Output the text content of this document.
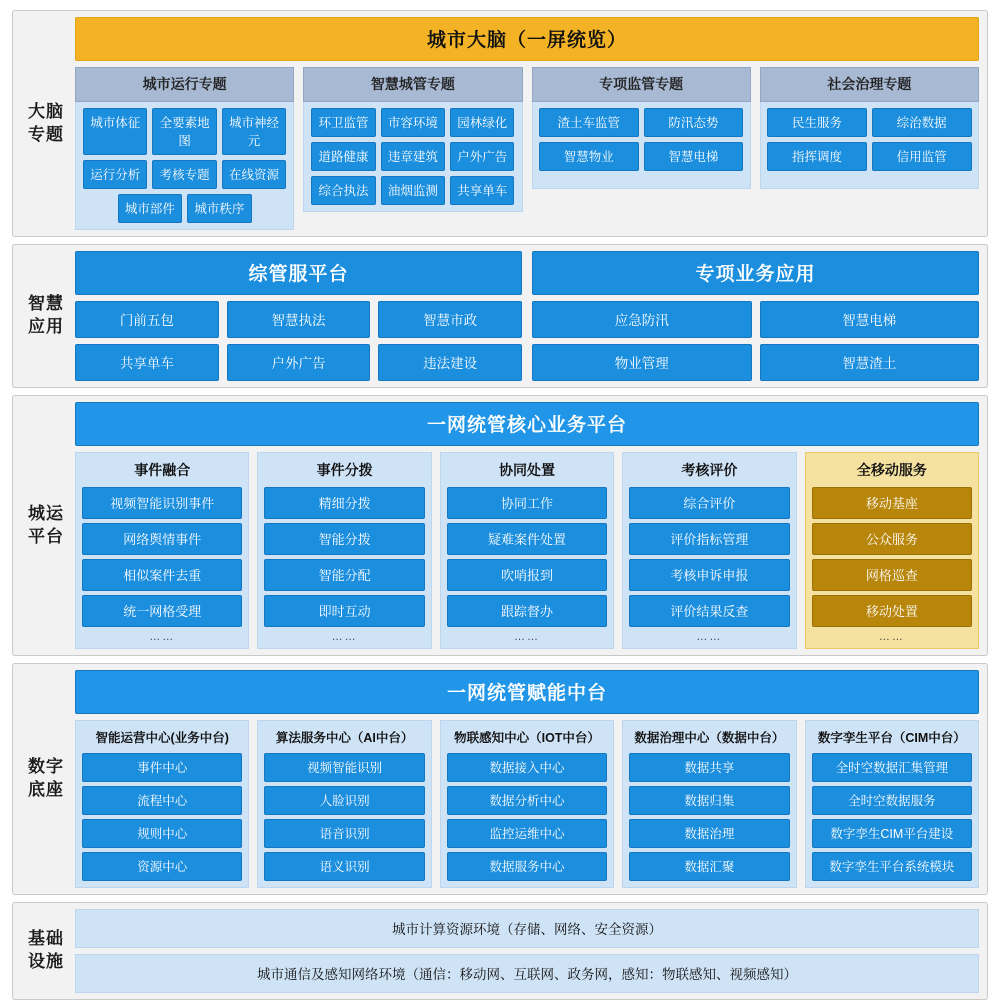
大脑
专题
城市大脑（一屏统览）
城市运行专题
城市体征	全要素地图
城市神经元
运行分析	考核专题	在线资源
城市部件	城市秩序
智慧城管专题
环卫监管	市容环境	园林绿化
道路健康	违章建筑	户外广告
综合执法	油烟监测	共享单车
专项监管专题
渣土车监管	防汛态势
智慧物业	智慧电梯
社会治理专题
民生服务	综治数据
指挥调度	信用监管
智慧
应用
综管服平台
门前五包	智慧执法	智慧市政
共享单车	户外广告	违法建设
专项业务应用
应急防汛	智慧电梯
物业管理	智慧渣土
城运
平台
一网统管核心业务平台
事件融合
视频智能识别事件
网络舆情事件
相似案件去重
统一网格受理
……
事件分拨
精细分拨
智能分拨
智能分配
即时互动
……
协同处置
协同工作
疑难案件处置
吹哨报到
跟踪督办
……
考核评价
综合评价
评价指标管理
考核申诉申报
评价结果反查
……
全移动服务
移动基座
公众服务
网格巡查
移动处置
……
数字
底座
一网统管赋能中台
智能运营中心(业务中台)
事件中心
流程中心
规则中心
资源中心
算法服务中心（AI中台）
视频智能识别
人脸识别
语音识别
语义识别
物联感知中心（IOT中台）
数据接入中心
数据分析中心
监控运维中心
数据服务中心
数据治理中心（数据中台）
数据共享
数据归集
数据治理
数据汇聚
数字孪生平台（CIM中台）
全时空数据汇集管理
全时空数据服务
数字孪生CIM平台建设
数字孪生平台系统模块
基础
设施
城市计算资源环境（存储、网络、安全资源）
城市通信及感知网络环境（通信：移动网、互联网、政务网，感知：物联感知、视频感知）
